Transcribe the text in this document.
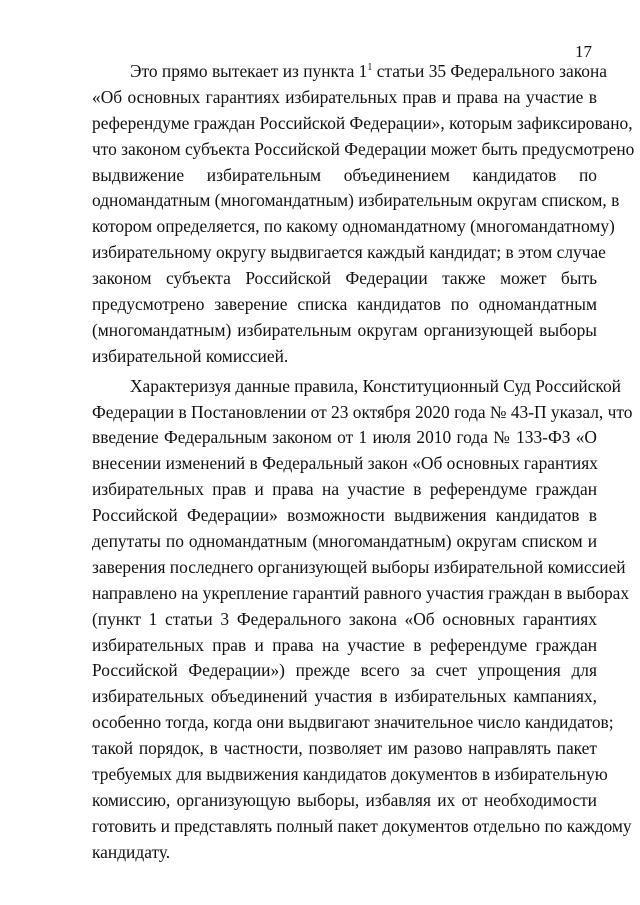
17
Это прямо вытекает из пункта $1^1$ статьи 35 Федерального закона
«Об основных гарантиях избирательных прав и права на участие в
референдуме граждан Российской Федерации», которым зафиксировано,
что законом субъекта Российской Федерации может быть предусмотрено
выдвижение избирательным объединением кандидатов по
одномандатным (многомандатным) избирательным округам списком, в
котором определяется, по какому одномандатному (многомандатному)
избирательному округу выдвигается каждый кандидат; в этом случае
законом субъекта Российской Федерации также может быть
предусмотрено заверение списка кандидатов по одномандатным
(многомандатным) избирательным округам организующей выборы
избирательной комиссией.
Характеризуя данные правила, Конституционный Суд Российской
Федерации в Постановлении от 23 октября 2020 года № 43-П указал, что
введение Федеральным законом от 1 июля 2010 года № 133-ФЗ «О
внесении изменений в Федеральный закон «Об основных гарантиях
избирательных прав и права на участие в референдуме граждан
Российской Федерации» возможности выдвижения кандидатов в
депутаты по одномандатным (многомандатным) округам списком и
заверения последнего организующей выборы избирательной комиссией
направлено на укрепление гарантий равного участия граждан в выборах
(пункт 1 статьи 3 Федерального закона «Об основных гарантиях
избирательных прав и права на участие в референдуме граждан
Российской Федерации») прежде всего за счет упрощения для
избирательных объединений участия в избирательных кампаниях,
особенно тогда, когда они выдвигают значительное число кандидатов;
такой порядок, в частности, позволяет им разово направлять пакет
требуемых для выдвижения кандидатов документов в избирательную
комиссию, организующую выборы, избавляя их от необходимости
готовить и представлять полный пакет документов отдельно по каждому
кандидату.
